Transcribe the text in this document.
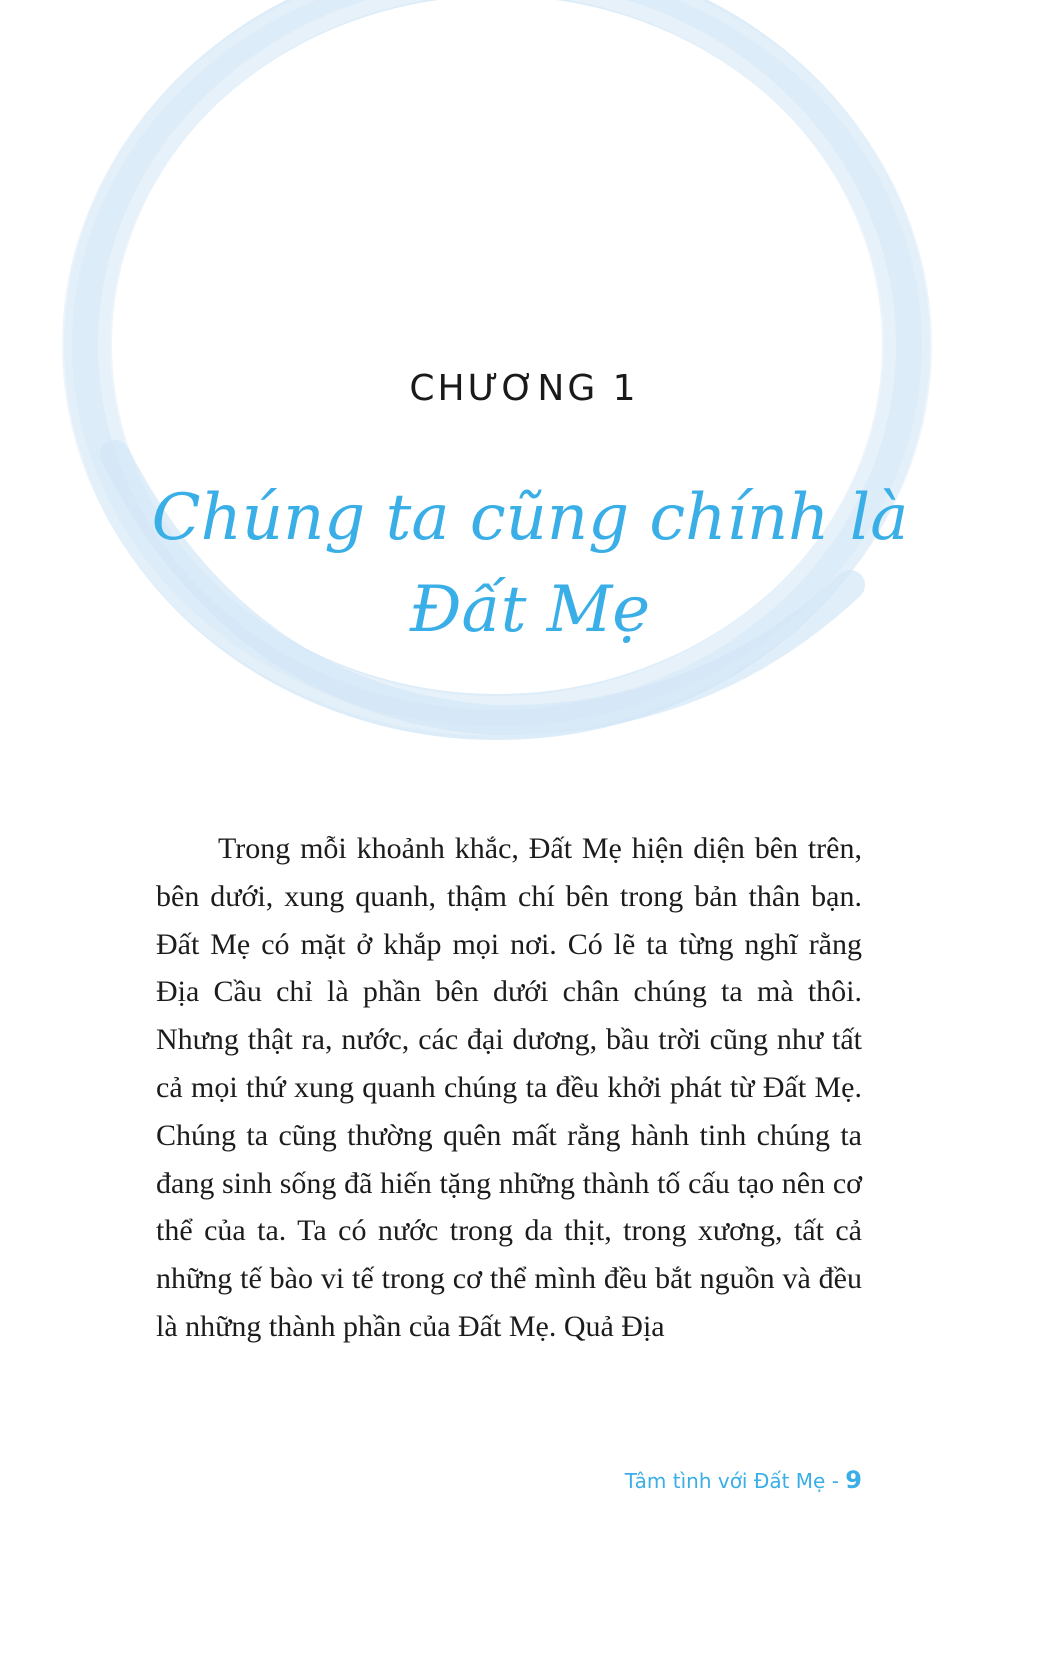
CHƯƠNG 1
Chúng ta cũng chính là
Đất Mẹ

Trong mỗi khoảnh khắc, Đất Mẹ hiện diện bên trên, bên dưới, xung quanh, thậm chí bên trong bản thân bạn. Đất Mẹ có mặt ở khắp mọi nơi. Có lẽ ta từng nghĩ rằng Địa Cầu chỉ là phần bên dưới chân chúng ta mà thôi. Nhưng thật ra, nước, các đại dương, bầu trời cũng như tất cả mọi thứ xung quanh chúng ta đều khởi phát từ Đất Mẹ. Chúng ta cũng thường quên mất rằng hành tinh chúng ta đang sinh sống đã hiến tặng những thành tố cấu tạo nên cơ thể của ta. Ta có nước trong da thịt, trong xương, tất cả những tế bào vi tế trong cơ thể mình đều bắt nguồn và đều là những thành phần của Đất Mẹ. Quả Địa

Tâm tình với Đất Mẹ - 9
